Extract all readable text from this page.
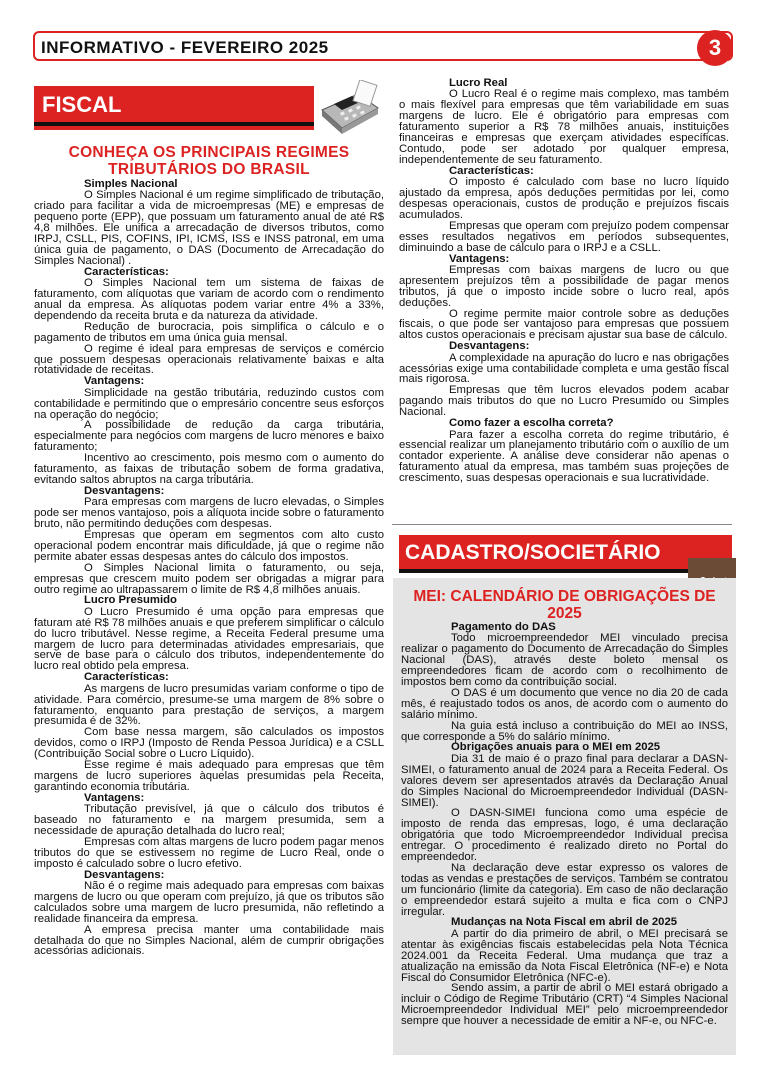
INFORMATIVO - FEVEREIRO 2025	3
FISCAL
CONHEÇA OS PRINCIPAIS REGIMES TRIBUTÁRIOS DO BRASIL
Simples Nacional

O Simples Nacional é um regime simplificado de tributação, criado para facilitar a vida de microempresas (ME) e empresas de pequeno porte (EPP), que possuam um faturamento anual de até R$ 4,8 milhões. Ele unifica a arrecadação de diversos tributos, como IRPJ, CSLL, PIS, COFINS, IPI, ICMS, ISS e INSS patronal, em uma única guia de pagamento, o DAS (Documento de Arrecadação do Simples Nacional) .

Características:

O Simples Nacional tem um sistema de faixas de faturamento, com alíquotas que variam de acordo com o rendimento anual da empresa. As alíquotas podem variar entre 4% a 33%, dependendo da receita bruta e da natureza da atividade.

Redução de burocracia, pois simplifica o cálculo e o pagamento de tributos em uma única guia mensal.

O regime é ideal para empresas de serviços e comércio que possuem despesas operacionais relativamente baixas e alta rotatividade de receitas.

Vantagens:

Simplicidade na gestão tributária, reduzindo custos com contabilidade e permitindo que o empresário concentre seus esforços na operação do negócio;

A possibilidade de redução da carga tributária, especialmente para negócios com margens de lucro menores e baixo faturamento;

Incentivo ao crescimento, pois mesmo com o aumento do faturamento, as faixas de tributação sobem de forma gradativa, evitando saltos abruptos na carga tributária.

Desvantagens:

Para empresas com margens de lucro elevadas, o Simples pode ser menos vantajoso, pois a alíquota incide sobre o faturamento bruto, não permitindo deduções com despesas.

Empresas que operam em segmentos com alto custo operacional podem encontrar mais dificuldade, já que o regime não permite abater essas despesas antes do cálculo dos impostos.

O Simples Nacional limita o faturamento, ou seja, empresas que crescem muito podem ser obrigadas a migrar para outro regime ao ultrapassarem o limite de R$ 4,8 milhões anuais.

Lucro Presumido

O Lucro Presumido é uma opção para empresas que faturam até R$ 78 milhões anuais e que preferem simplificar o cálculo do lucro tributável. Nesse regime, a Receita Federal presume uma margem de lucro para determinadas atividades empresariais, que serve de base para o cálculo dos tributos, independentemente do lucro real obtido pela empresa.

Características:

As margens de lucro presumidas variam conforme o tipo de atividade. Para comércio, presume-se uma margem de 8% sobre o faturamento, enquanto para prestação de serviços, a margem presumida é de 32%.

Com base nessa margem, são calculados os impostos devidos, como o IRPJ (Imposto de Renda Pessoa Jurídica) e a CSLL (Contribuição Social sobre o Lucro Líquido).

Esse regime é mais adequado para empresas que têm margens de lucro superiores àquelas presumidas pela Receita, garantindo economia tributária.

Vantagens:

Tributação previsível, já que o cálculo dos tributos é baseado no faturamento e na margem presumida, sem a necessidade de apuração detalhada do lucro real;

Empresas com altas margens de lucro podem pagar menos tributos do que se estivessem no regime de Lucro Real, onde o imposto é calculado sobre o lucro efetivo.

Desvantagens:

Não é o regime mais adequado para empresas com baixas margens de lucro ou que operam com prejuízo, já que os tributos são calculados sobre uma margem de lucro presumida, não refletindo a realidade financeira da empresa.

A empresa precisa manter uma contabilidade mais detalhada do que no Simples Nacional, além de cumprir obrigações acessórias adicionais.

Lucro Real

O Lucro Real é o regime mais complexo, mas também o mais flexível para empresas que têm variabilidade em suas margens de lucro. Ele é obrigatório para empresas com faturamento superior a R$ 78 milhões anuais, instituições financeiras e empresas que exerçam atividades específicas. Contudo, pode ser adotado por qualquer empresa, independentemente de seu faturamento.

Características:

O imposto é calculado com base no lucro líquido ajustado da empresa, após deduções permitidas por lei, como despesas operacionais, custos de produção e prejuízos fiscais acumulados.

Empresas que operam com prejuízo podem compensar esses resultados negativos em períodos subsequentes, diminuindo a base de cálculo para o IRPJ e a CSLL.

Vantagens:

Empresas com baixas margens de lucro ou que apresentem prejuízos têm a possibilidade de pagar menos tributos, já que o imposto incide sobre o lucro real, após deduções.

O regime permite maior controle sobre as deduções fiscais, o que pode ser vantajoso para empresas que possuem altos custos operacionais e precisam ajustar sua base de cálculo.

Desvantagens:

A complexidade na apuração do lucro e nas obrigações acessórias exige uma contabilidade completa e uma gestão fiscal mais rigorosa.

Empresas que têm lucros elevados podem acabar pagando mais tributos do que no Lucro Presumido ou Simples Nacional.

Como fazer a escolha correta?

Para fazer a escolha correta do regime tributário, é essencial realizar um planejamento tributário com o auxílio de um contador experiente. A análise deve considerar não apenas o faturamento atual da empresa, mas também suas projeções de crescimento, suas despesas operacionais e sua lucratividade.

CADASTRO/SOCIETÁRIO
MEI: CALENDÁRIO DE OBRIGAÇÕES DE 2025
Pagamento do DAS

Todo microempreendedor MEI vinculado precisa realizar o pagamento do Documento de Arrecadação do Simples Nacional (DAS), através deste boleto mensal os empreendedores ficam de acordo com o recolhimento de impostos bem como da contribuição social.

O DAS é um documento que vence no dia 20 de cada mês, é reajustado todos os anos, de acordo com o aumento do salário mínimo.

Na guia está incluso a contribuição do MEI ao INSS, que corresponde a 5% do salário mínimo.

Obrigações anuais para o MEI em 2025

Dia 31 de maio é o prazo final para declarar a DASN-SIMEI, o faturamento anual de 2024 para a Receita Federal. Os valores devem ser apresentados através da Declaração Anual do Simples Nacional do Microempreendedor Individual (DASN-SIMEI).

O DASN-SIMEI funciona como uma espécie de imposto de renda das empresas, logo, é uma declaração obrigatória que todo Microempreendedor Individual precisa entregar. O procedimento é realizado direto no Portal do empreendedor.

Na declaração deve estar expresso os valores de todas as vendas e prestações de serviços. Também se contratou um funcionário (limite da categoria). Em caso de não declaração o empreendedor estará sujeito a multa e fica com o CNPJ irregular.

Mudanças na Nota Fiscal em abril de 2025

A partir do dia primeiro de abril, o MEI precisará se atentar às exigências fiscais estabelecidas pela Nota Técnica 2024.001 da Receita Federal. Uma mudança que traz a atualização na emissão da Nota Fiscal Eletrônica (NF-e) e Nota Fiscal do Consumidor Eletrônica (NFC-e).

Sendo assim, a partir de abril o MEI estará obrigado a incluir o Código de Regime Tributário (CRT) “4 Simples Nacional Microempreendedor Individual MEI” pelo microempreendedor sempre que houver a necessidade de emitir a NF-e, ou NFC-e.
